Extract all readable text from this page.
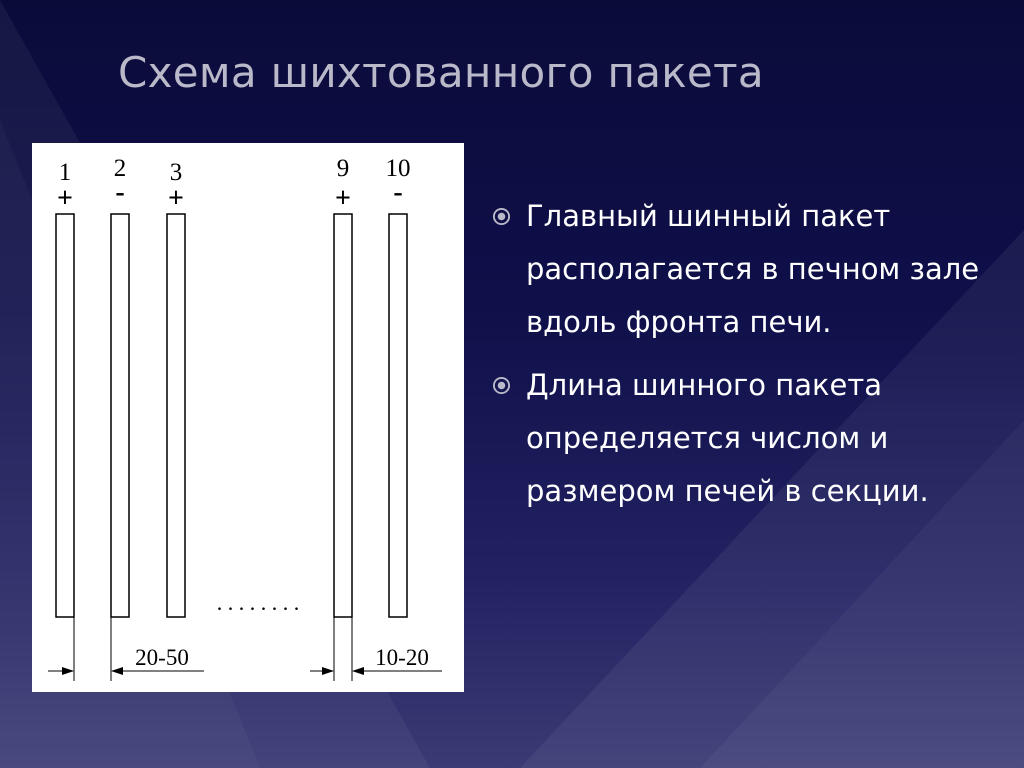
Схема шихтованного пакета
1 2 3	9 10
+ - +	+ -
. . . . . . . .
20-50	10-20
Главный шинный пакет располагается в печном зале вдоль фронта печи.
Длина шинного пакета определяется числом и размером печей в секции.
